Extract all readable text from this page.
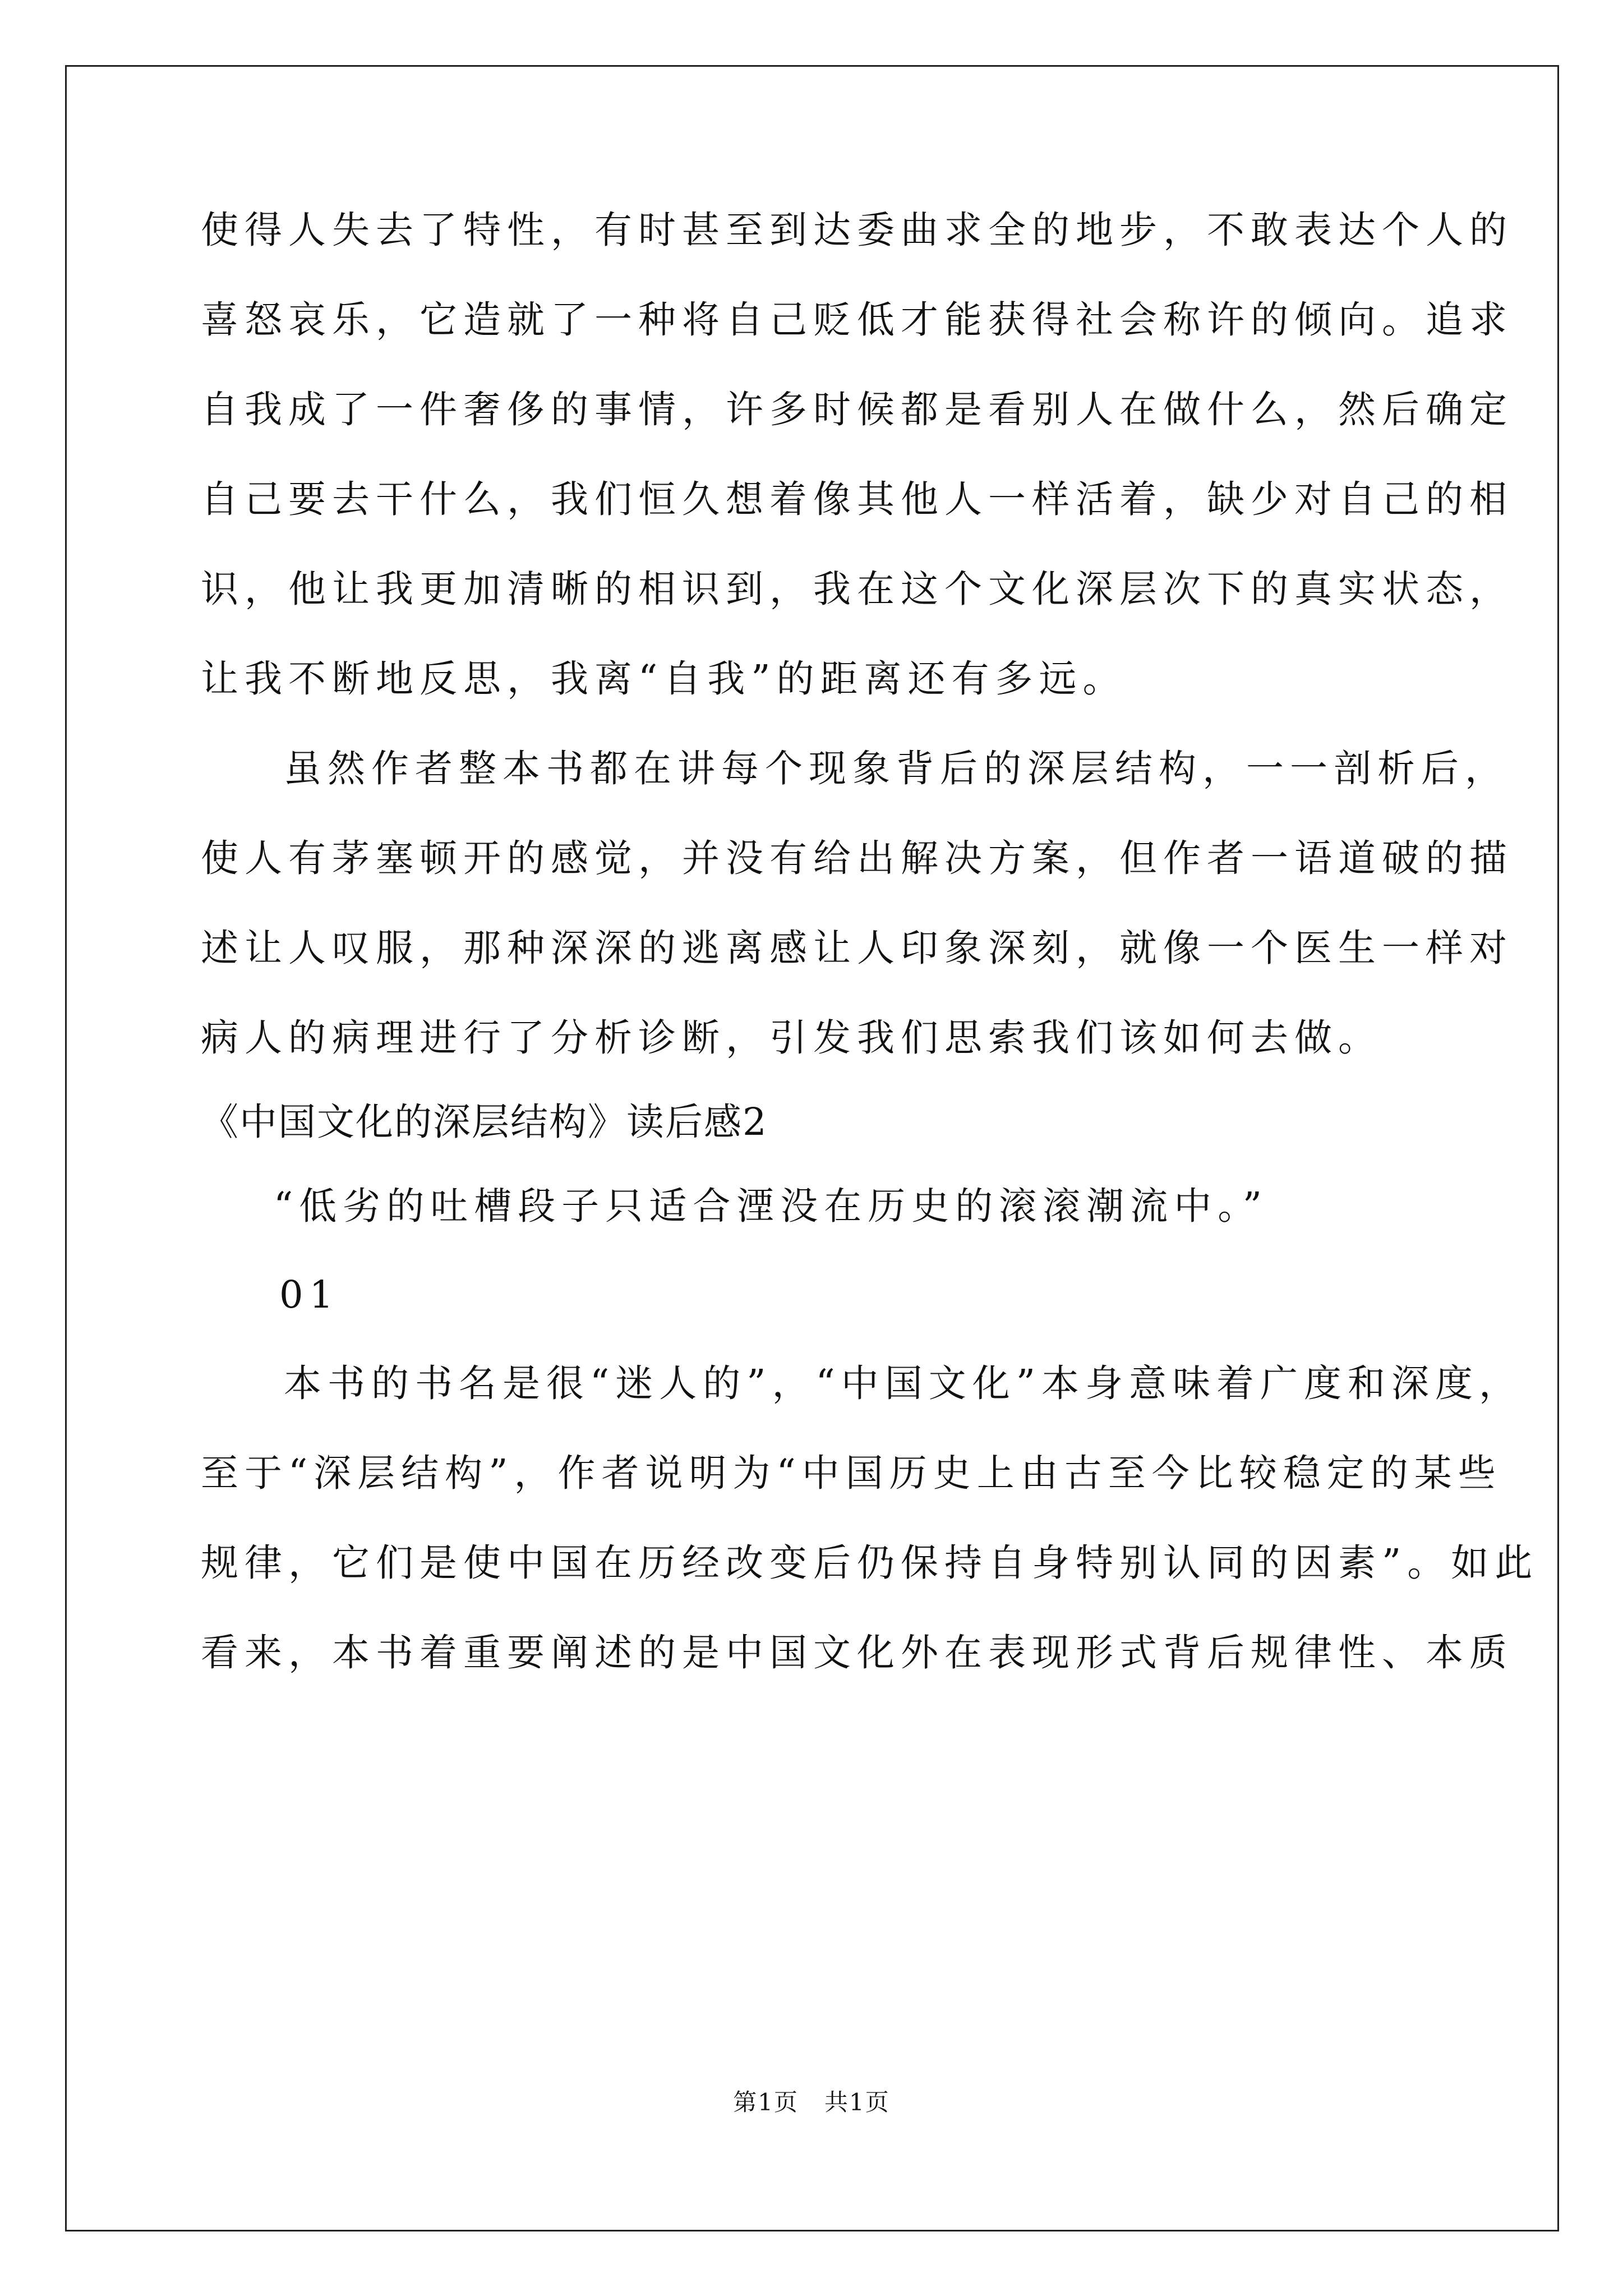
使得人失去了特性，有时甚至到达委曲求全的地步，不敢表达个人的
喜怒哀乐，它造就了一种将自己贬低才能获得社会称许的倾向。追求
自我成了一件奢侈的事情，许多时候都是看别人在做什么，然后确定
自己要去干什么，我们恒久想着像其他人一样活着，缺少对自己的相
识，他让我更加清晰的相识到，我在这个文化深层次下的真实状态，
让我不断地反思，我离“自我”的距离还有多远。
虽然作者整本书都在讲每个现象背后的深层结构，一一剖析后，
使人有茅塞顿开的感觉，并没有给出解决方案，但作者一语道破的描
述让人叹服，那种深深的逃离感让人印象深刻，就像一个医生一样对
病人的病理进行了分析诊断，引发我们思索我们该如何去做。
《中国文化的深层结构》读后感2
“低劣的吐槽段子只适合湮没在历史的滚滚潮流中。”
01
本书的书名是很“迷人的”，“中国文化”本身意味着广度和深度，
至于“深层结构”，作者说明为“中国历史上由古至今比较稳定的某些
规律，它们是使中国在历经改变后仍保持自身特别认同的因素”。如此
看来，本书着重要阐述的是中国文化外在表现形式背后规律性、本质
第1页   共1页
